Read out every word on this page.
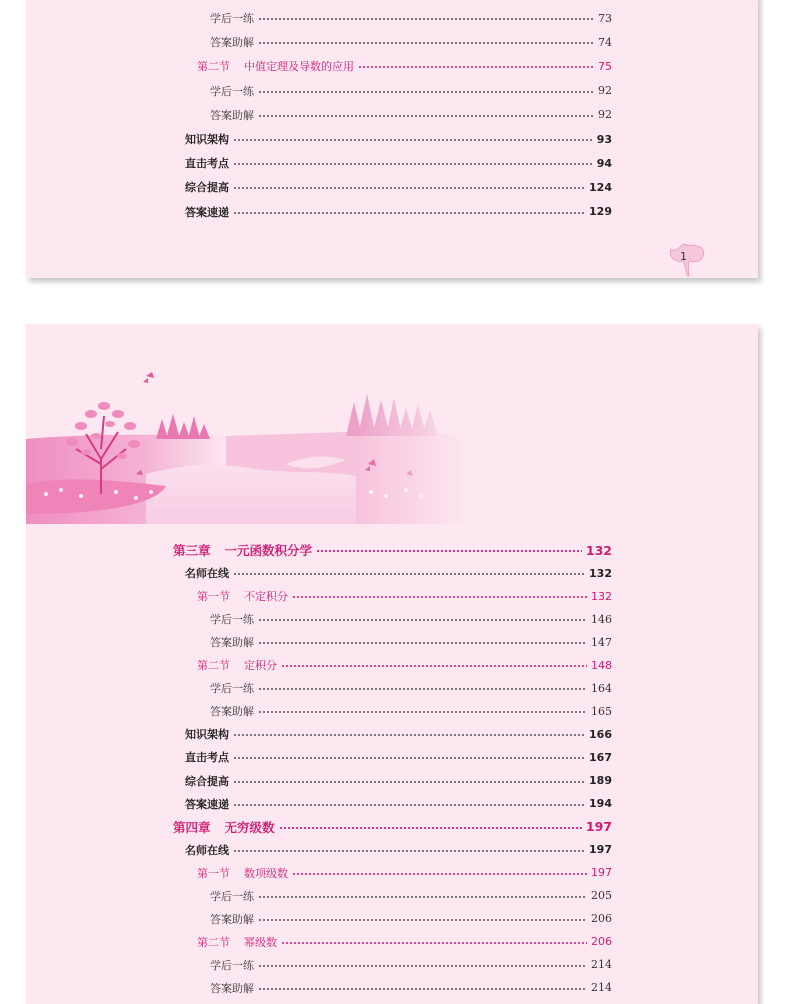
学后一练	73
答案助解	74
第二节 中值定理及导数的应用	75
学后一练	92
答案助解	92
知识架构	93
直击考点	94
综合提高	124
答案速递	129
1
第三章 一元函数积分学	132
名师在线	132
第一节 不定积分	132
学后一练	146
答案助解	147
第二节 定积分	148
学后一练	164
答案助解	165
知识架构	166
直击考点	167
综合提高	189
答案速递	194
第四章 无穷级数	197
名师在线	197
第一节 数项级数	197
学后一练	205
答案助解	206
第二节 幂级数	206
学后一练	214
答案助解	214
